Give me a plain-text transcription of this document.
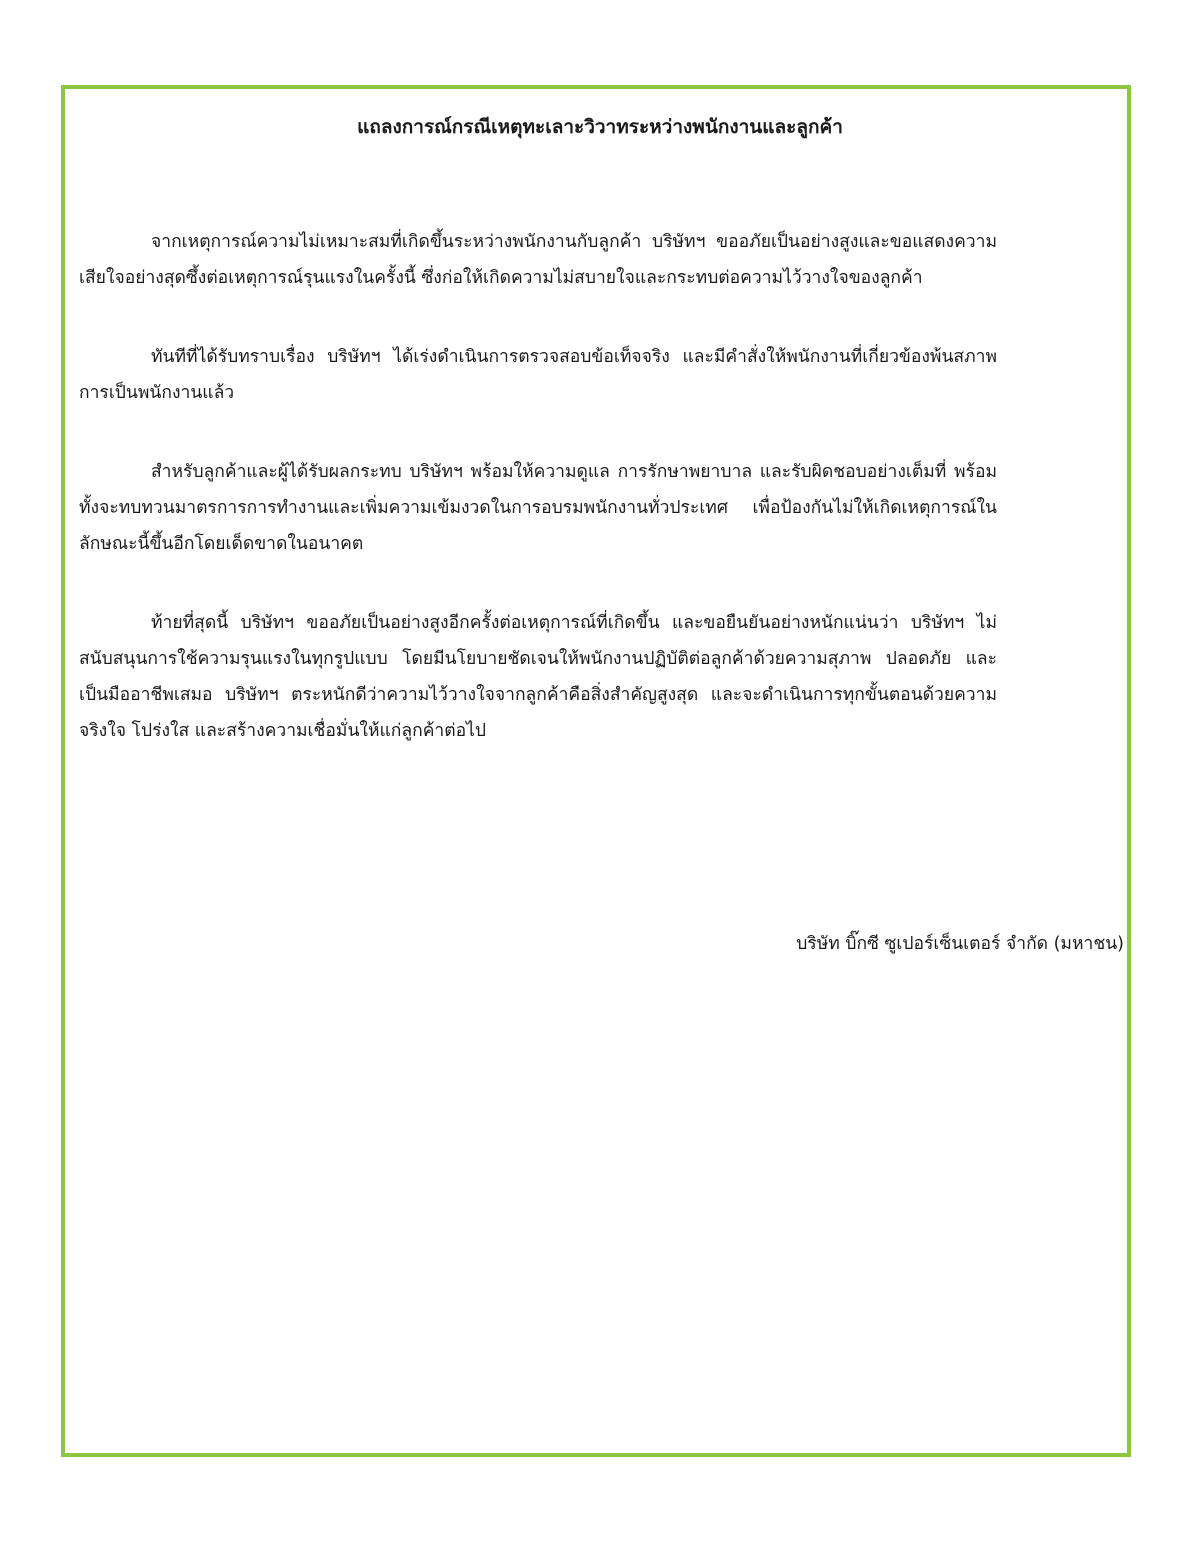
แถลงการณ์กรณีเหตุทะเลาะวิวาทระหว่างพนักงานและลูกค้า

จากเหตุการณ์ความไม่เหมาะสมที่เกิดขึ้นระหว่างพนักงานกับลูกค้า บริษัทฯ ขออภัยเป็นอย่างสูงและขอแสดงความเสียใจอย่างสุดซึ้งต่อเหตุการณ์รุนแรงในครั้งนี้ ซึ่งก่อให้เกิดความไม่สบายใจและกระทบต่อความไว้วางใจของลูกค้า

ทันทีที่ได้รับทราบเรื่อง บริษัทฯ ได้เร่งดำเนินการตรวจสอบข้อเท็จจริง และมีคำสั่งให้พนักงานที่เกี่ยวข้องพ้นสภาพการเป็นพนักงานแล้ว

สำหรับลูกค้าและผู้ได้รับผลกระทบ บริษัทฯ พร้อมให้ความดูแล การรักษาพยาบาล และรับผิดชอบอย่างเต็มที่ พร้อมทั้งจะทบทวนมาตรการการทำงานและเพิ่มความเข้มงวดในการอบรมพนักงานทั่วประเทศ เพื่อป้องกันไม่ให้เกิดเหตุการณ์ในลักษณะนี้ขึ้นอีกโดยเด็ดขาดในอนาคต

ท้ายที่สุดนี้ บริษัทฯ ขออภัยเป็นอย่างสูงอีกครั้งต่อเหตุการณ์ที่เกิดขึ้น และขอยืนยันอย่างหนักแน่นว่า บริษัทฯ ไม่สนับสนุนการใช้ความรุนแรงในทุกรูปแบบ โดยมีนโยบายชัดเจนให้พนักงานปฏิบัติต่อลูกค้าด้วยความสุภาพ ปลอดภัย และเป็นมืออาชีพเสมอ บริษัทฯ ตระหนักดีว่าความไว้วางใจจากลูกค้าคือสิ่งสำคัญสูงสุด และจะดำเนินการทุกขั้นตอนด้วยความจริงใจ โปร่งใส และสร้างความเชื่อมั่นให้แก่ลูกค้าต่อไป

บริษัท บิ๊กซี ซูเปอร์เซ็นเตอร์ จำกัด (มหาชน)
